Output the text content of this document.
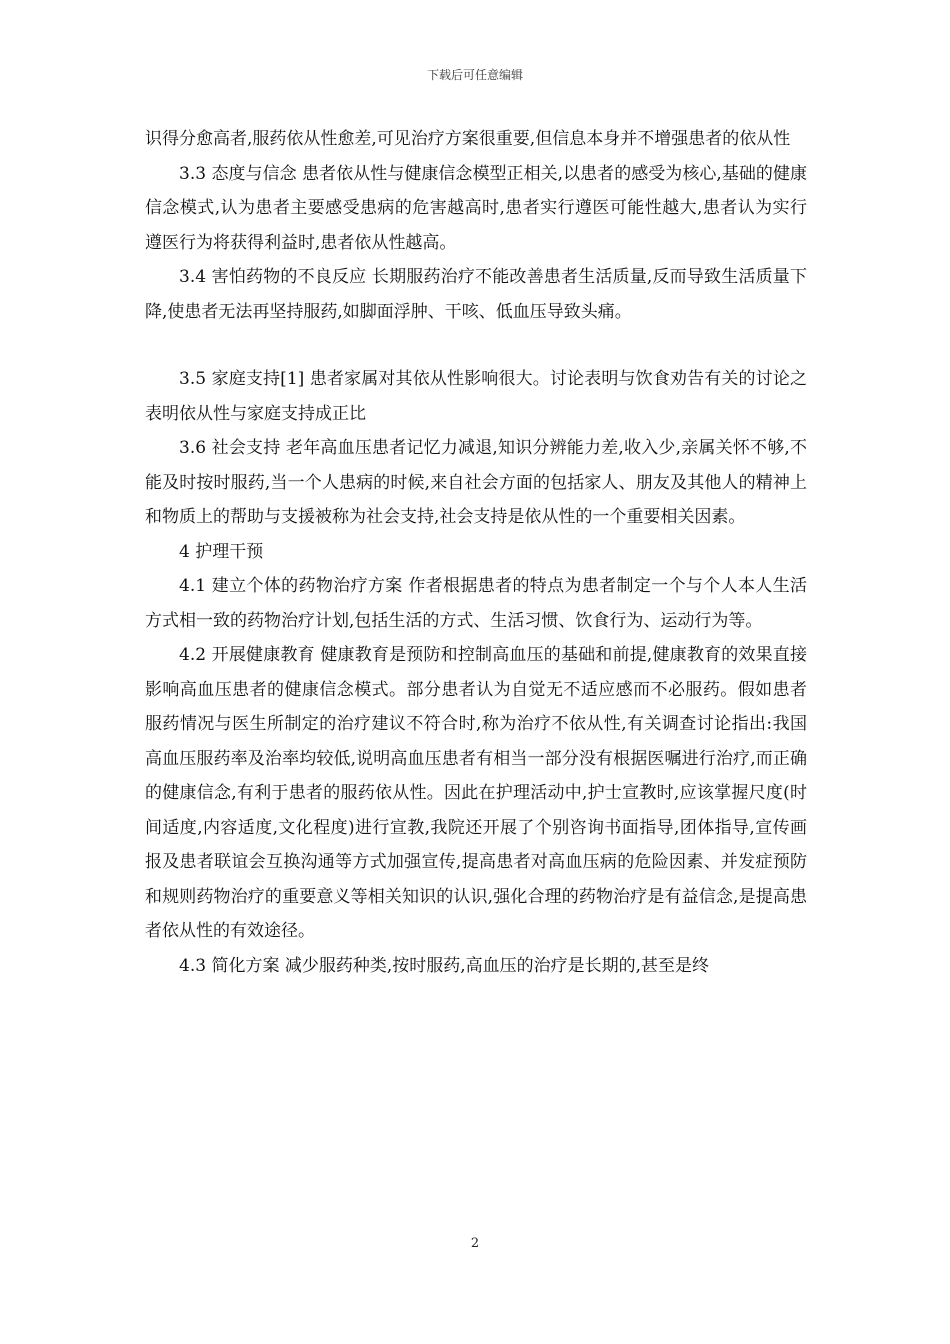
下载后可任意编辑

识得分愈高者,服药依从性愈差,可见治疗方案很重要,但信息本身并不增强患者的依从性

3.3 态度与信念 患者依从性与健康信念模型正相关,以患者的感受为核心,基础的健康信念模式,认为患者主要感受患病的危害越高时,患者实行遵医可能性越大,患者认为实行遵医行为将获得利益时,患者依从性越高。

3.4 害怕药物的不良反应 长期服药治疗不能改善患者生活质量,反而导致生活质量下降,使患者无法再坚持服药,如脚面浮肿、干咳、低血压导致头痛。

3.5 家庭支持[1] 患者家属对其依从性影响很大。讨论表明与饮食劝告有关的讨论之表明依从性与家庭支持成正比

3.6 社会支持 老年高血压患者记忆力减退,知识分辨能力差,收入少,亲属关怀不够,不能及时按时服药,当一个人患病的时候,来自社会方面的包括家人、朋友及其他人的精神上和物质上的帮助与支援被称为社会支持,社会支持是依从性的一个重要相关因素。

4 护理干预

4.1 建立个体的药物治疗方案 作者根据患者的特点为患者制定一个与个人本人生活方式相一致的药物治疗计划,包括生活的方式、生活习惯、饮食行为、运动行为等。

4.2 开展健康教育 健康教育是预防和控制高血压的基础和前提,健康教育的效果直接影响高血压患者的健康信念模式。部分患者认为自觉无不适应感而不必服药。假如患者服药情况与医生所制定的治疗建议不符合时,称为治疗不依从性,有关调查讨论指出:我国高血压服药率及治率均较低,说明高血压患者有相当一部分没有根据医嘱进行治疗,而正确的健康信念,有利于患者的服药依从性。因此在护理活动中,护士宣教时,应该掌握尺度(时间适度,内容适度,文化程度)进行宣教,我院还开展了个别咨询书面指导,团体指导,宣传画报及患者联谊会互换沟通等方式加强宣传,提高患者对高血压病的危险因素、并发症预防和规则药物治疗的重要意义等相关知识的认识,强化合理的药物治疗是有益信念,是提高患者依从性的有效途径。

4.3 简化方案 减少服药种类,按时服药,高血压的治疗是长期的,甚至是终

2
